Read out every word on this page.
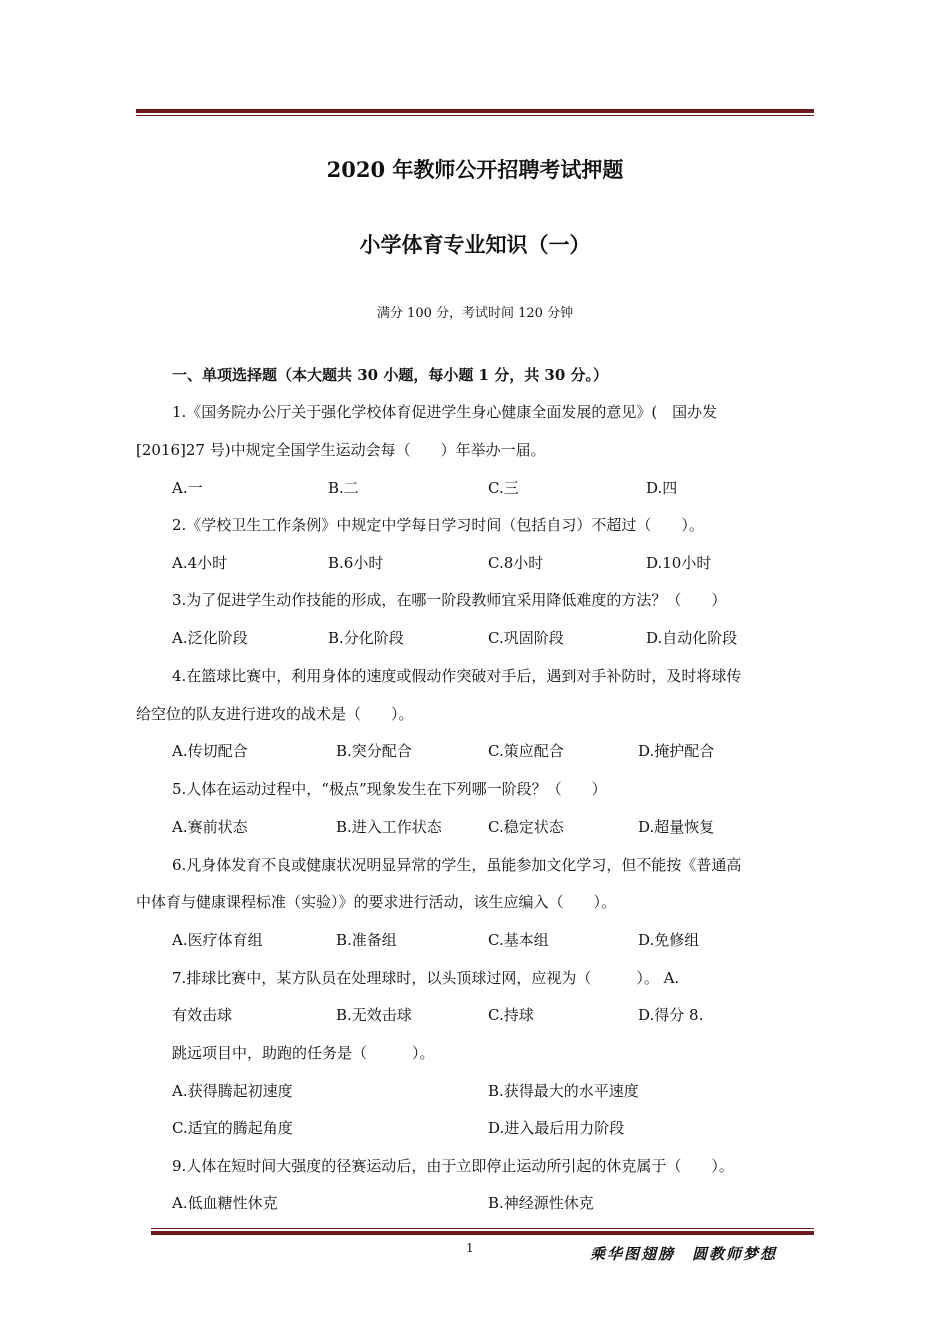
2020 年教师公开招聘考试押题
小学体育专业知识（一）
满分 100 分，考试时间 120 分钟
一、单项选择题（本大题共 30 小题，每小题 1 分，共 30 分。）
1.《国务院办公厅关于强化学校体育促进学生身心健康全面发展的意见》(　国办发
[2016]27 号)中规定全国学生运动会每（　　）年举办一届。
A.一	B.二	C.三	D.四
2.《学校卫生工作条例》中规定中学每日学习时间（包括自习）不超过（　　）。
A.4小时	B.6小时	C.8小时	D.10小时
3.为了促进学生动作技能的形成，在哪一阶段教师宜采用降低难度的方法？（　　）
A.泛化阶段	B.分化阶段	C.巩固阶段	D.自动化阶段
4.在篮球比赛中，利用身体的速度或假动作突破对手后，遇到对手补防时，及时将球传
给空位的队友进行进攻的战术是（　　）。
A.传切配合	B.突分配合	C.策应配合	D.掩护配合
5.人体在运动过程中，“极点”现象发生在下列哪一阶段？（　　）
A.赛前状态	B.进入工作状态	C.稳定状态	D.超量恢复
6.凡身体发育不良或健康状况明显异常的学生，虽能参加文化学习，但不能按《普通高
中体育与健康课程标准（实验）》的要求进行活动，该生应编入（　　）。
A.医疗体育组	B.准备组	C.基本组	D.免修组
7.排球比赛中，某方队员在处理球时，以头顶球过网，应视为（　　　）。 A.
有效击球	B.无效击球	C.持球	D.得分 8.
跳远项目中，助跑的任务是（　　　）。
A.获得腾起初速度	B.获得最大的水平速度
C.适宜的腾起角度	D.进入最后用力阶段
9.人体在短时间大强度的径赛运动后，由于立即停止运动所引起的休克属于（　　）。
A.低血糖性休克	B.神经源性休克
1	乘华图翅膀　圆教师梦想
